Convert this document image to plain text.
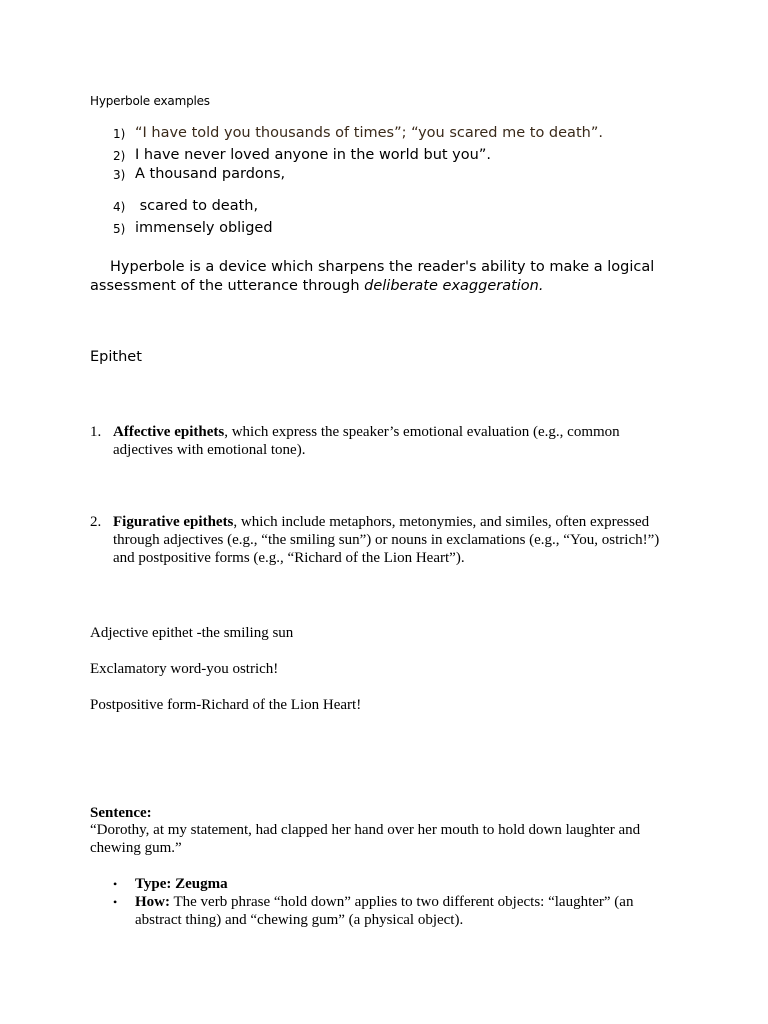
Hyperbole examples
1) “I have told you thousands of times”; “you scared me to death”.
2) I have never loved anyone in the world but you”.
3) A thousand pardons,
4) scared to death,
5) immensely obliged
Hyperbole is a device which sharpens the reader's ability to make a logical
assessment of the utterance through deliberate exaggeration.
Epithet
1. Affective epithets, which express the speaker’s emotional evaluation (e.g., common
adjectives with emotional tone).
2. Figurative epithets, which include metaphors, metonymies, and similes, often expressed
through adjectives (e.g., “the smiling sun”) or nouns in exclamations (e.g., “You, ostrich!”)
and postpositive forms (e.g., “Richard of the Lion Heart”).
Adjective epithet -the smiling sun
Exclamatory word-you ostrich!
Postpositive form-Richard of the Lion Heart!
Sentence:
“Dorothy, at my statement, had clapped her hand over her mouth to hold down laughter and
chewing gum.”
• Type: Zeugma
• How: The verb phrase “hold down” applies to two different objects: “laughter” (an
abstract thing) and “chewing gum” (a physical object).
